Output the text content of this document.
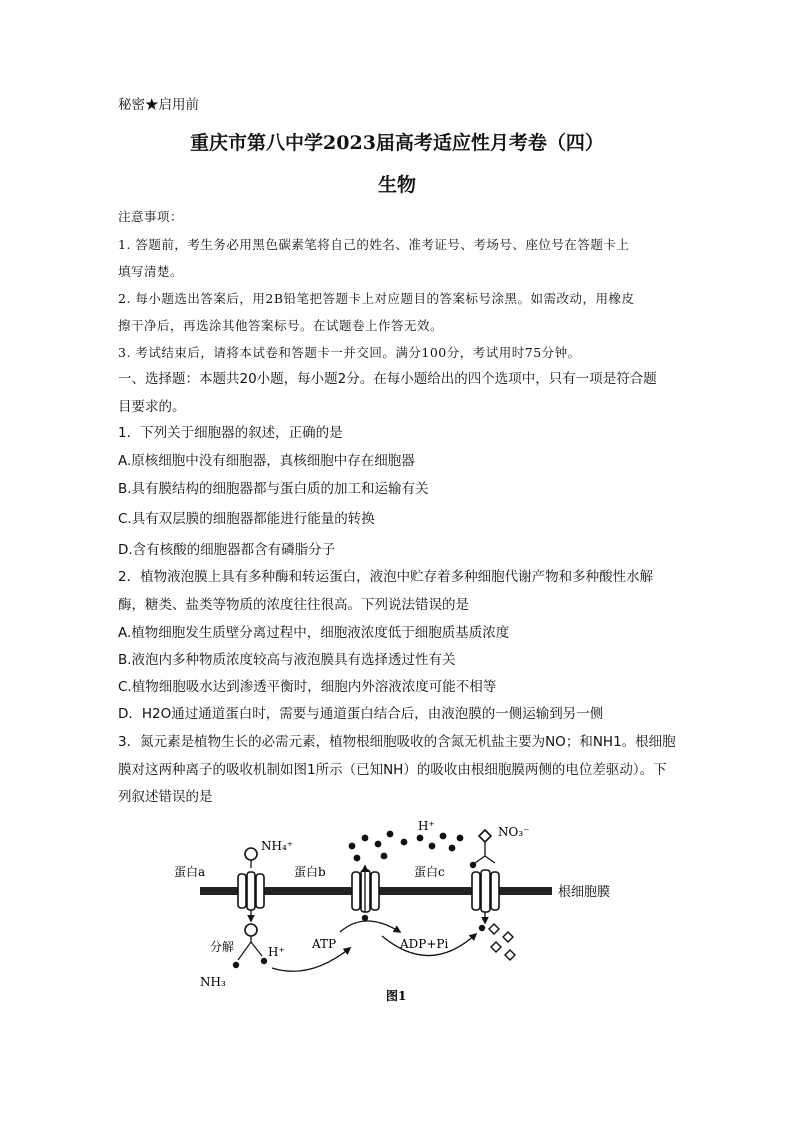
秘密★启用前
重庆市第八中学2023届高考适应性月考卷（四）
生物
注意事项：
1. 答题前，考生务必用黑色碳素笔将自己的姓名、准考证号、考场号、座位号在答题卡上
填写清楚。
2. 每小题选出答案后，用2B铅笔把答题卡上对应题目的答案标号涂黑。如需改动，用橡皮
擦干净后，再选涂其他答案标号。在试题卷上作答无效。
3. 考试结束后，请将本试卷和答题卡一并交回。满分100分，考试用时75分钟。
一、选择题：本题共20小题，每小题2分。在每小题给出的四个选项中，只有一项是符合题
目要求的。
1．下列关于细胞器的叙述，正确的是
A.原核细胞中没有细胞器，真核细胞中存在细胞器
B.具有膜结构的细胞器都与蛋白质的加工和运输有关
C.具有双层膜的细胞器都能进行能量的转换
D.含有核酸的细胞器都含有磷脂分子
2．植物液泡膜上具有多种酶和转运蛋白，液泡中贮存着多种细胞代谢产物和多种酸性水解
酶，糖类、盐类等物质的浓度往往很高。下列说法错误的是
A.植物细胞发生质壁分离过程中，细胞液浓度低于细胞质基质浓度
B.液泡内多种物质浓度较高与液泡膜具有选择透过性有关
C.植物细胞吸水达到渗透平衡时，细胞内外溶液浓度可能不相等
D．H2O通过通道蛋白时，需要与通道蛋白结合后，由液泡膜的一侧运输到另一侧
3．氮元素是植物生长的必需元素，植物根细胞吸收的含氮无机盐主要为NO；和NH1。根细胞
膜对这两种离子的吸收机制如图1所示（已知NH）的吸收由根细胞膜两侧的电位差驱动）。下
列叙述错误的是
蛋白a	蛋白b	蛋白c
根细胞膜
NH₄⁺
分解	H⁺
NH₃
H⁺	NO₃⁻
ATP	ADP+Pi
图1
